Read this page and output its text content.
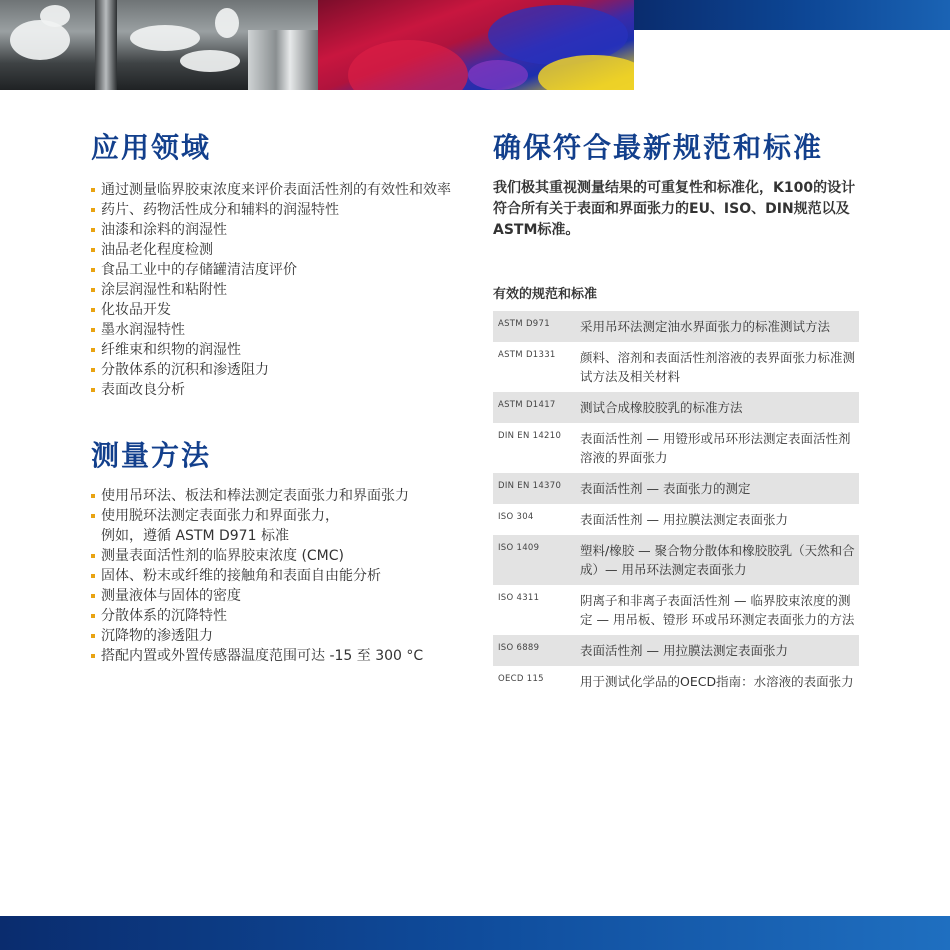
应用领域
通过测量临界胶束浓度来评价表面活性剂的有效性和效率
药片、药物活性成分和辅料的润湿特性
油漆和涂料的润湿性
油品老化程度检测
食品工业中的存储罐清洁度评价
涂层润湿性和粘附性
化妆品开发
墨水润湿特性
纤维束和织物的润湿性
分散体系的沉积和渗透阻力
表面改良分析
测量方法
使用吊环法、板法和棒法测定表面张力和界面张力
使用脱环法测定表面张力和界面张力，
例如，遵循 ASTM D971 标准
测量表面活性剂的临界胶束浓度 (CMC)
固体、粉末或纤维的接触角和表面自由能分析
测量液体与固体的密度
分散体系的沉降特性
沉降物的渗透阻力
搭配内置或外置传感器温度范围可达 -15 至 300 °C
确保符合最新规范和标准

我们极其重视测量结果的可重复性和标准化，K100的设计符合所有关于表面和界面张力的EU、ISO、DIN规范以及ASTM标准。

有效的规范和标准

ASTM D971	采用吊环法测定油水界面张力的标准测试方法
ASTM D1331	颜料、溶剂和表面活性剂溶液的表界面张力标准测试方法及相关材料
ASTM D1417	测试合成橡胶胶乳的标准方法
DIN EN 14210	表面活性剂 — 用镫形或吊环形法测定表面活性剂溶液的界面张力
DIN EN 14370	表面活性剂 — 表面张力的测定
ISO 304	表面活性剂 — 用拉膜法测定表面张力
ISO 1409	塑料/橡胶 — 聚合物分散体和橡胶胶乳（天然和合成）— 用吊环法测定表面张力
ISO 4311	阴离子和非离子表面活性剂 — 临界胶束浓度的测定 — 用吊板、镫形 环或吊环测定表面张力的方法
ISO 6889	表面活性剂 — 用拉膜法测定表面张力
OECD 115	用于测试化学品的OECD指南：水溶液的表面张力
